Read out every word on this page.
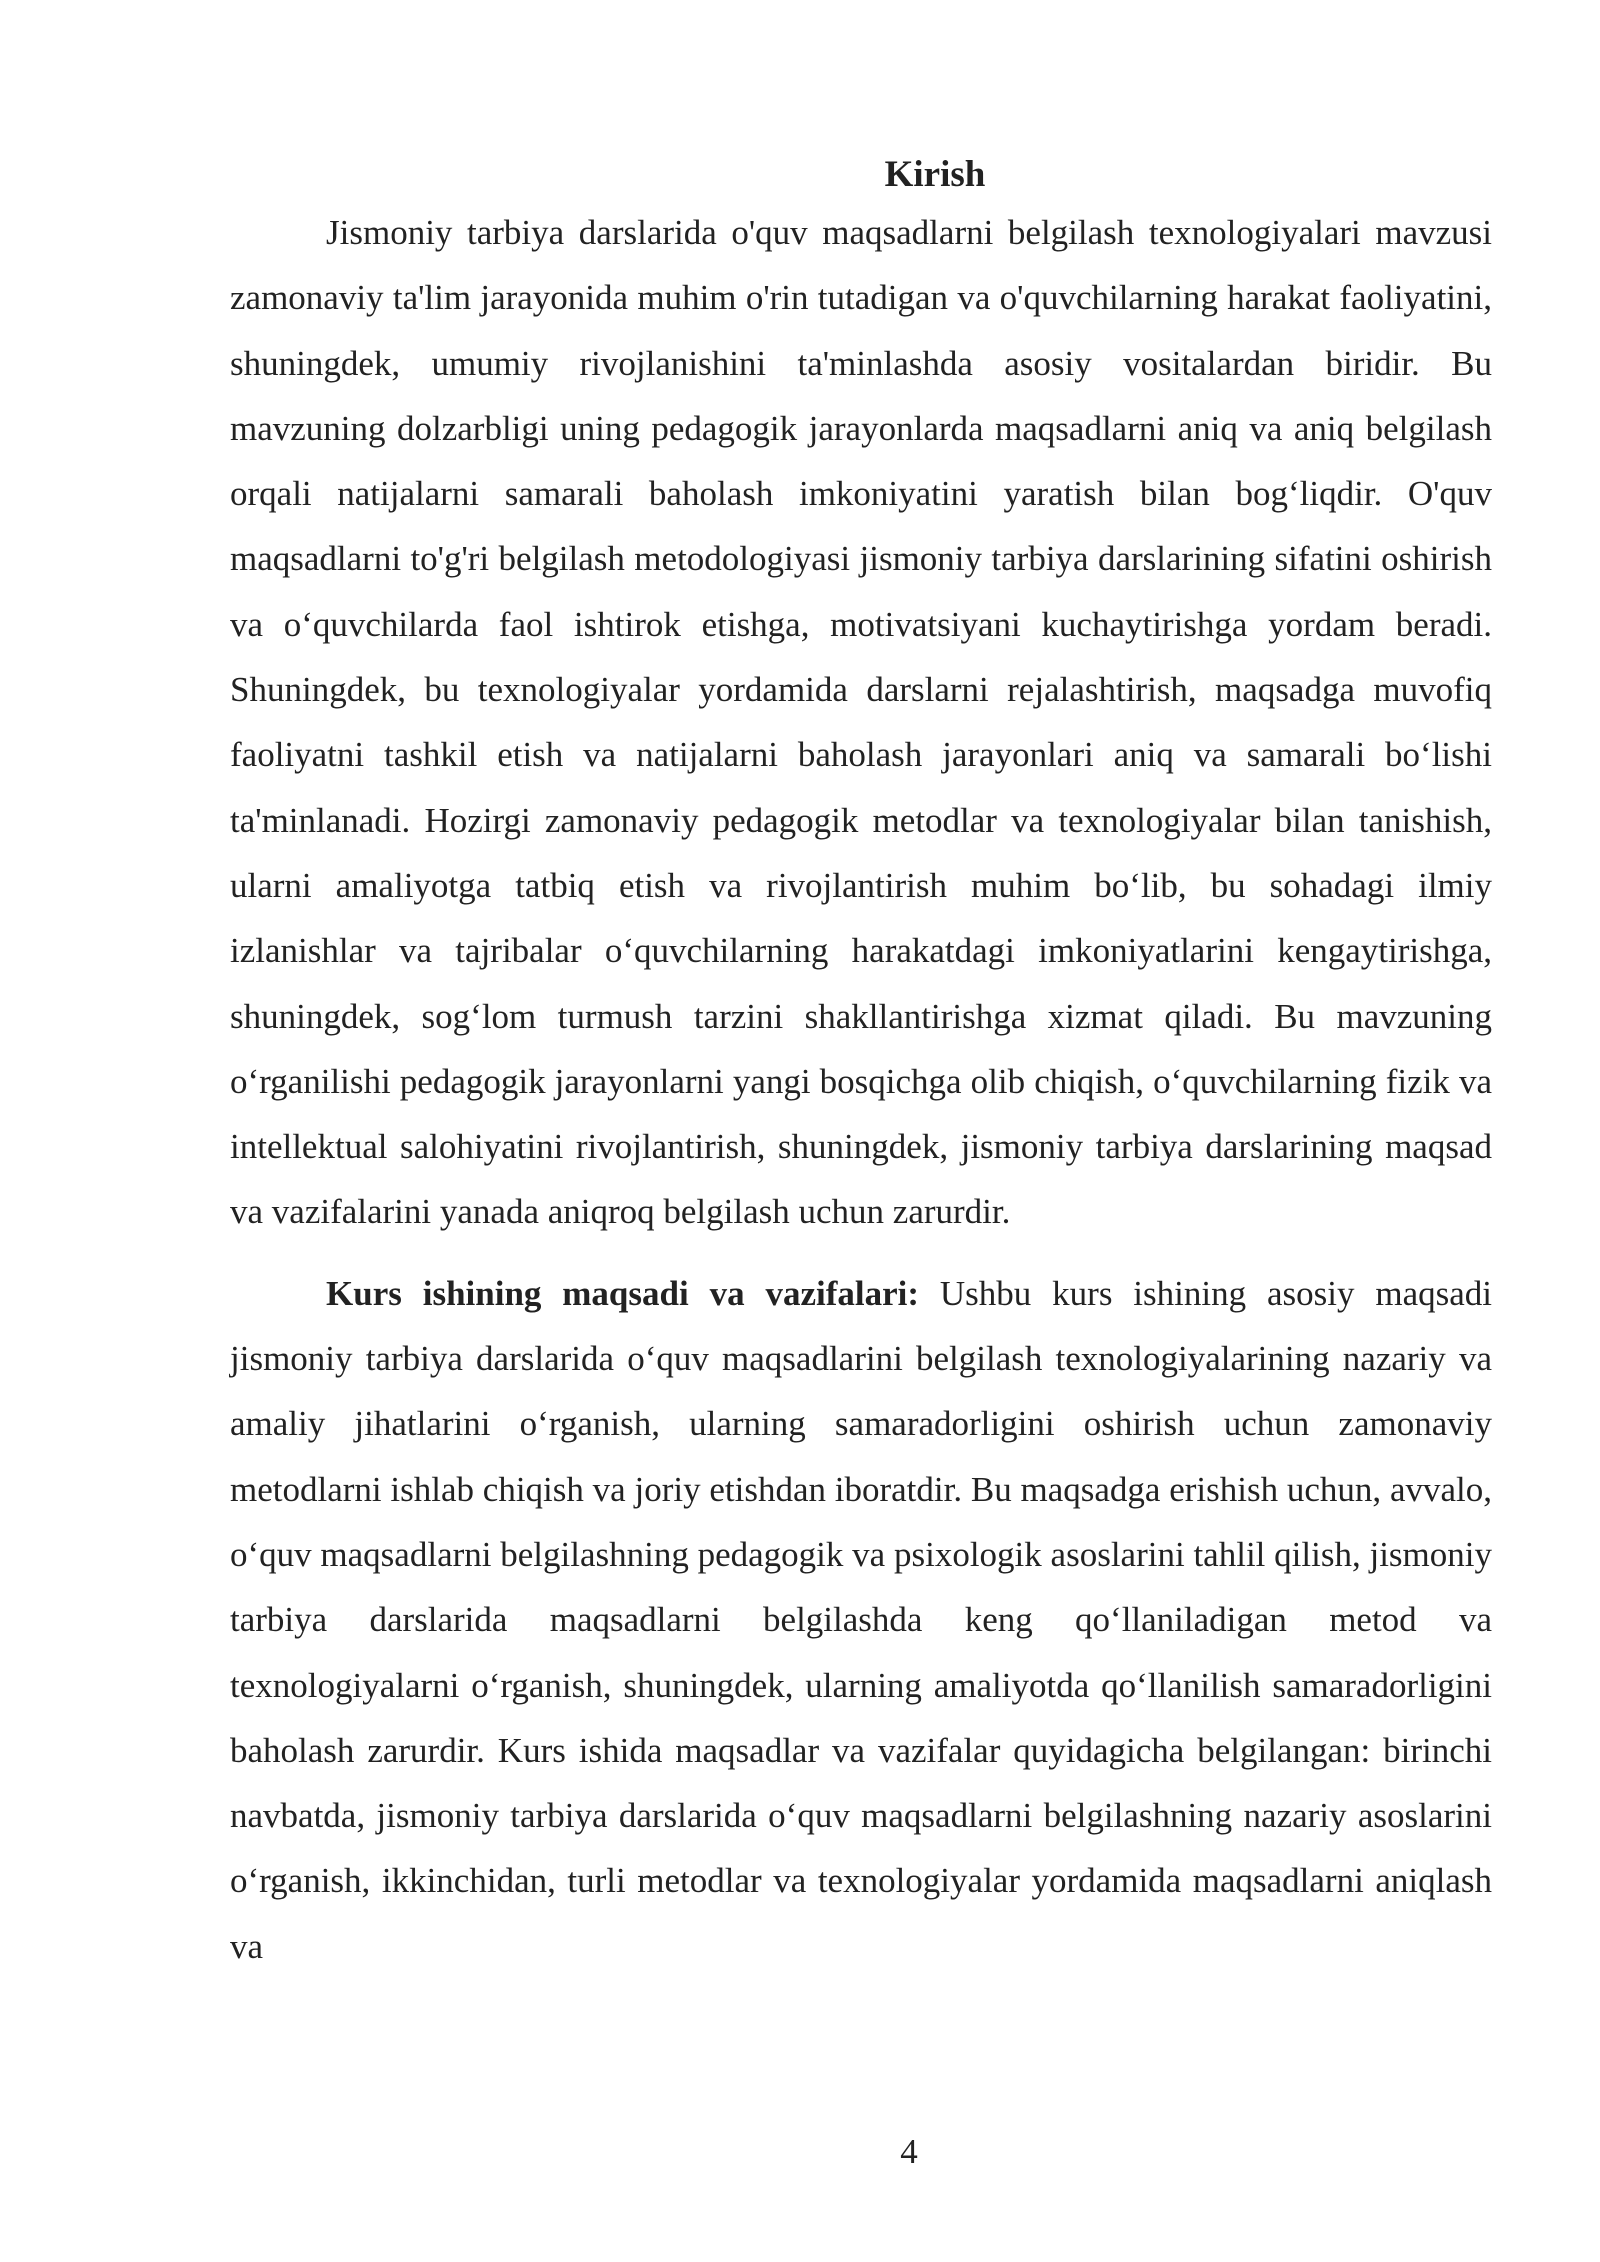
Kirish

Jismoniy tarbiya darslarida o'quv maqsadlarni belgilash texnologiyalari mavzusi zamonaviy ta'lim jarayonida muhim o'rin tutadigan va o'quvchilarning harakat faoliyatini, shuningdek, umumiy rivojlanishini ta'minlashda asosiy vositalardan biridir. Bu mavzuning dolzarbligi uning pedagogik jarayonlarda maqsadlarni aniq va aniq belgilash orqali natijalarni samarali baholash imkoniyatini yaratish bilan bog‘liqdir. O'quv maqsadlarni to'g'ri belgilash metodologiyasi jismoniy tarbiya darslarining sifatini oshirish va o‘quvchilarda faol ishtirok etishga, motivatsiyani kuchaytirishga yordam beradi. Shuningdek, bu texnologiyalar yordamida darslarni rejalashtirish, maqsadga muvofiq faoliyatni tashkil etish va natijalarni baholash jarayonlari aniq va samarali bo‘lishi ta'minlanadi. Hozirgi zamonaviy pedagogik metodlar va texnologiyalar bilan tanishish, ularni amaliyotga tatbiq etish va rivojlantirish muhim bo‘lib, bu sohadagi ilmiy izlanishlar va tajribalar o‘quvchilarning harakatdagi imkoniyatlarini kengaytirishga, shuningdek, sog‘lom turmush tarzini shakllantirishga xizmat qiladi. Bu mavzuning o‘rganilishi pedagogik jarayonlarni yangi bosqichga olib chiqish, o‘quvchilarning fizik va intellektual salohiyatini rivojlantirish, shuningdek, jismoniy tarbiya darslarining maqsad va vazifalarini yanada aniqroq belgilash uchun zarurdir.

Kurs ishining maqsadi va vazifalari: Ushbu kurs ishining asosiy maqsadi jismoniy tarbiya darslarida o‘quv maqsadlarini belgilash texnologiyalarining nazariy va amaliy jihatlarini o‘rganish, ularning samaradorligini oshirish uchun zamonaviy metodlarni ishlab chiqish va joriy etishdan iboratdir. Bu maqsadga erishish uchun, avvalo, o‘quv maqsadlarni belgilashning pedagogik va psixologik asoslarini tahlil qilish, jismoniy tarbiya darslarida maqsadlarni belgilashda keng qo‘llaniladigan metod va texnologiyalarni o‘rganish, shuningdek, ularning amaliyotda qo‘llanilish samaradorligini baholash zarurdir. Kurs ishida maqsadlar va vazifalar quyidagicha belgilangan: birinchi navbatda, jismoniy tarbiya darslarida o‘quv maqsadlarni belgilashning nazariy asoslarini o‘rganish, ikkinchidan, turli metodlar va texnologiyalar yordamida maqsadlarni aniqlash va

4
